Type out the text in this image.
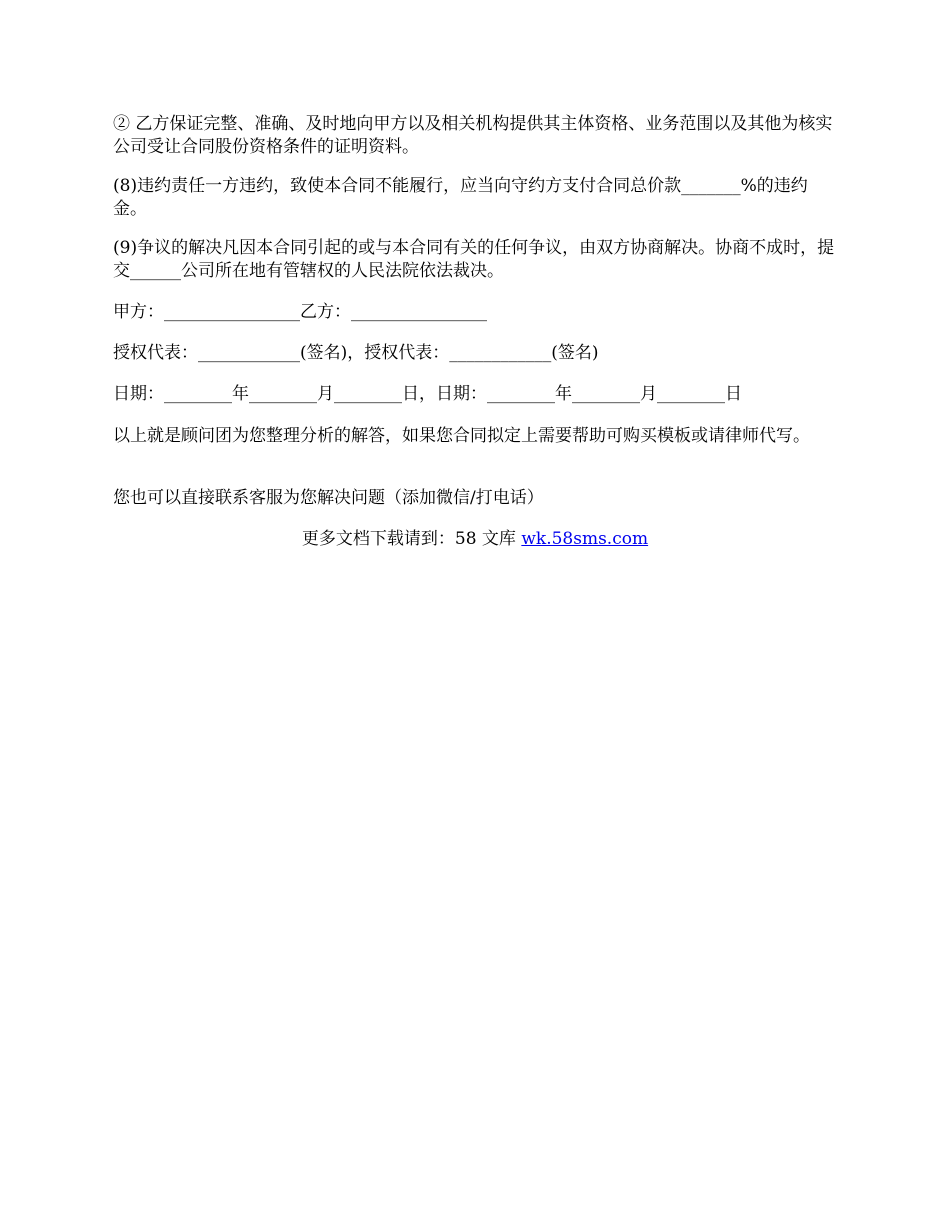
② 乙方保证完整、准确、及时地向甲方以及相关机构提供其主体资格、业务范围以及其他为核实公司受让合同股份资格条件的证明资料。

(8)违约责任一方违约，致使本合同不能履行，应当向守约方支付合同总价款_______%的违约金。

(9)争议的解决凡因本合同引起的或与本合同有关的任何争议，由双方协商解决。协商不成时，提交______公司所在地有管辖权的人民法院依法裁决。

甲方：________________乙方：________________

授权代表：____________(签名)，授权代表：____________(签名)

日期：________年________月________日，日期：________年________月________日

以上就是顾问团为您整理分析的解答，如果您合同拟定上需要帮助可购买模板或请律师代写。

您也可以直接联系客服为您解决问题（添加微信/打电话）

更多文档下载请到：58 文库 wk.58sms.com
